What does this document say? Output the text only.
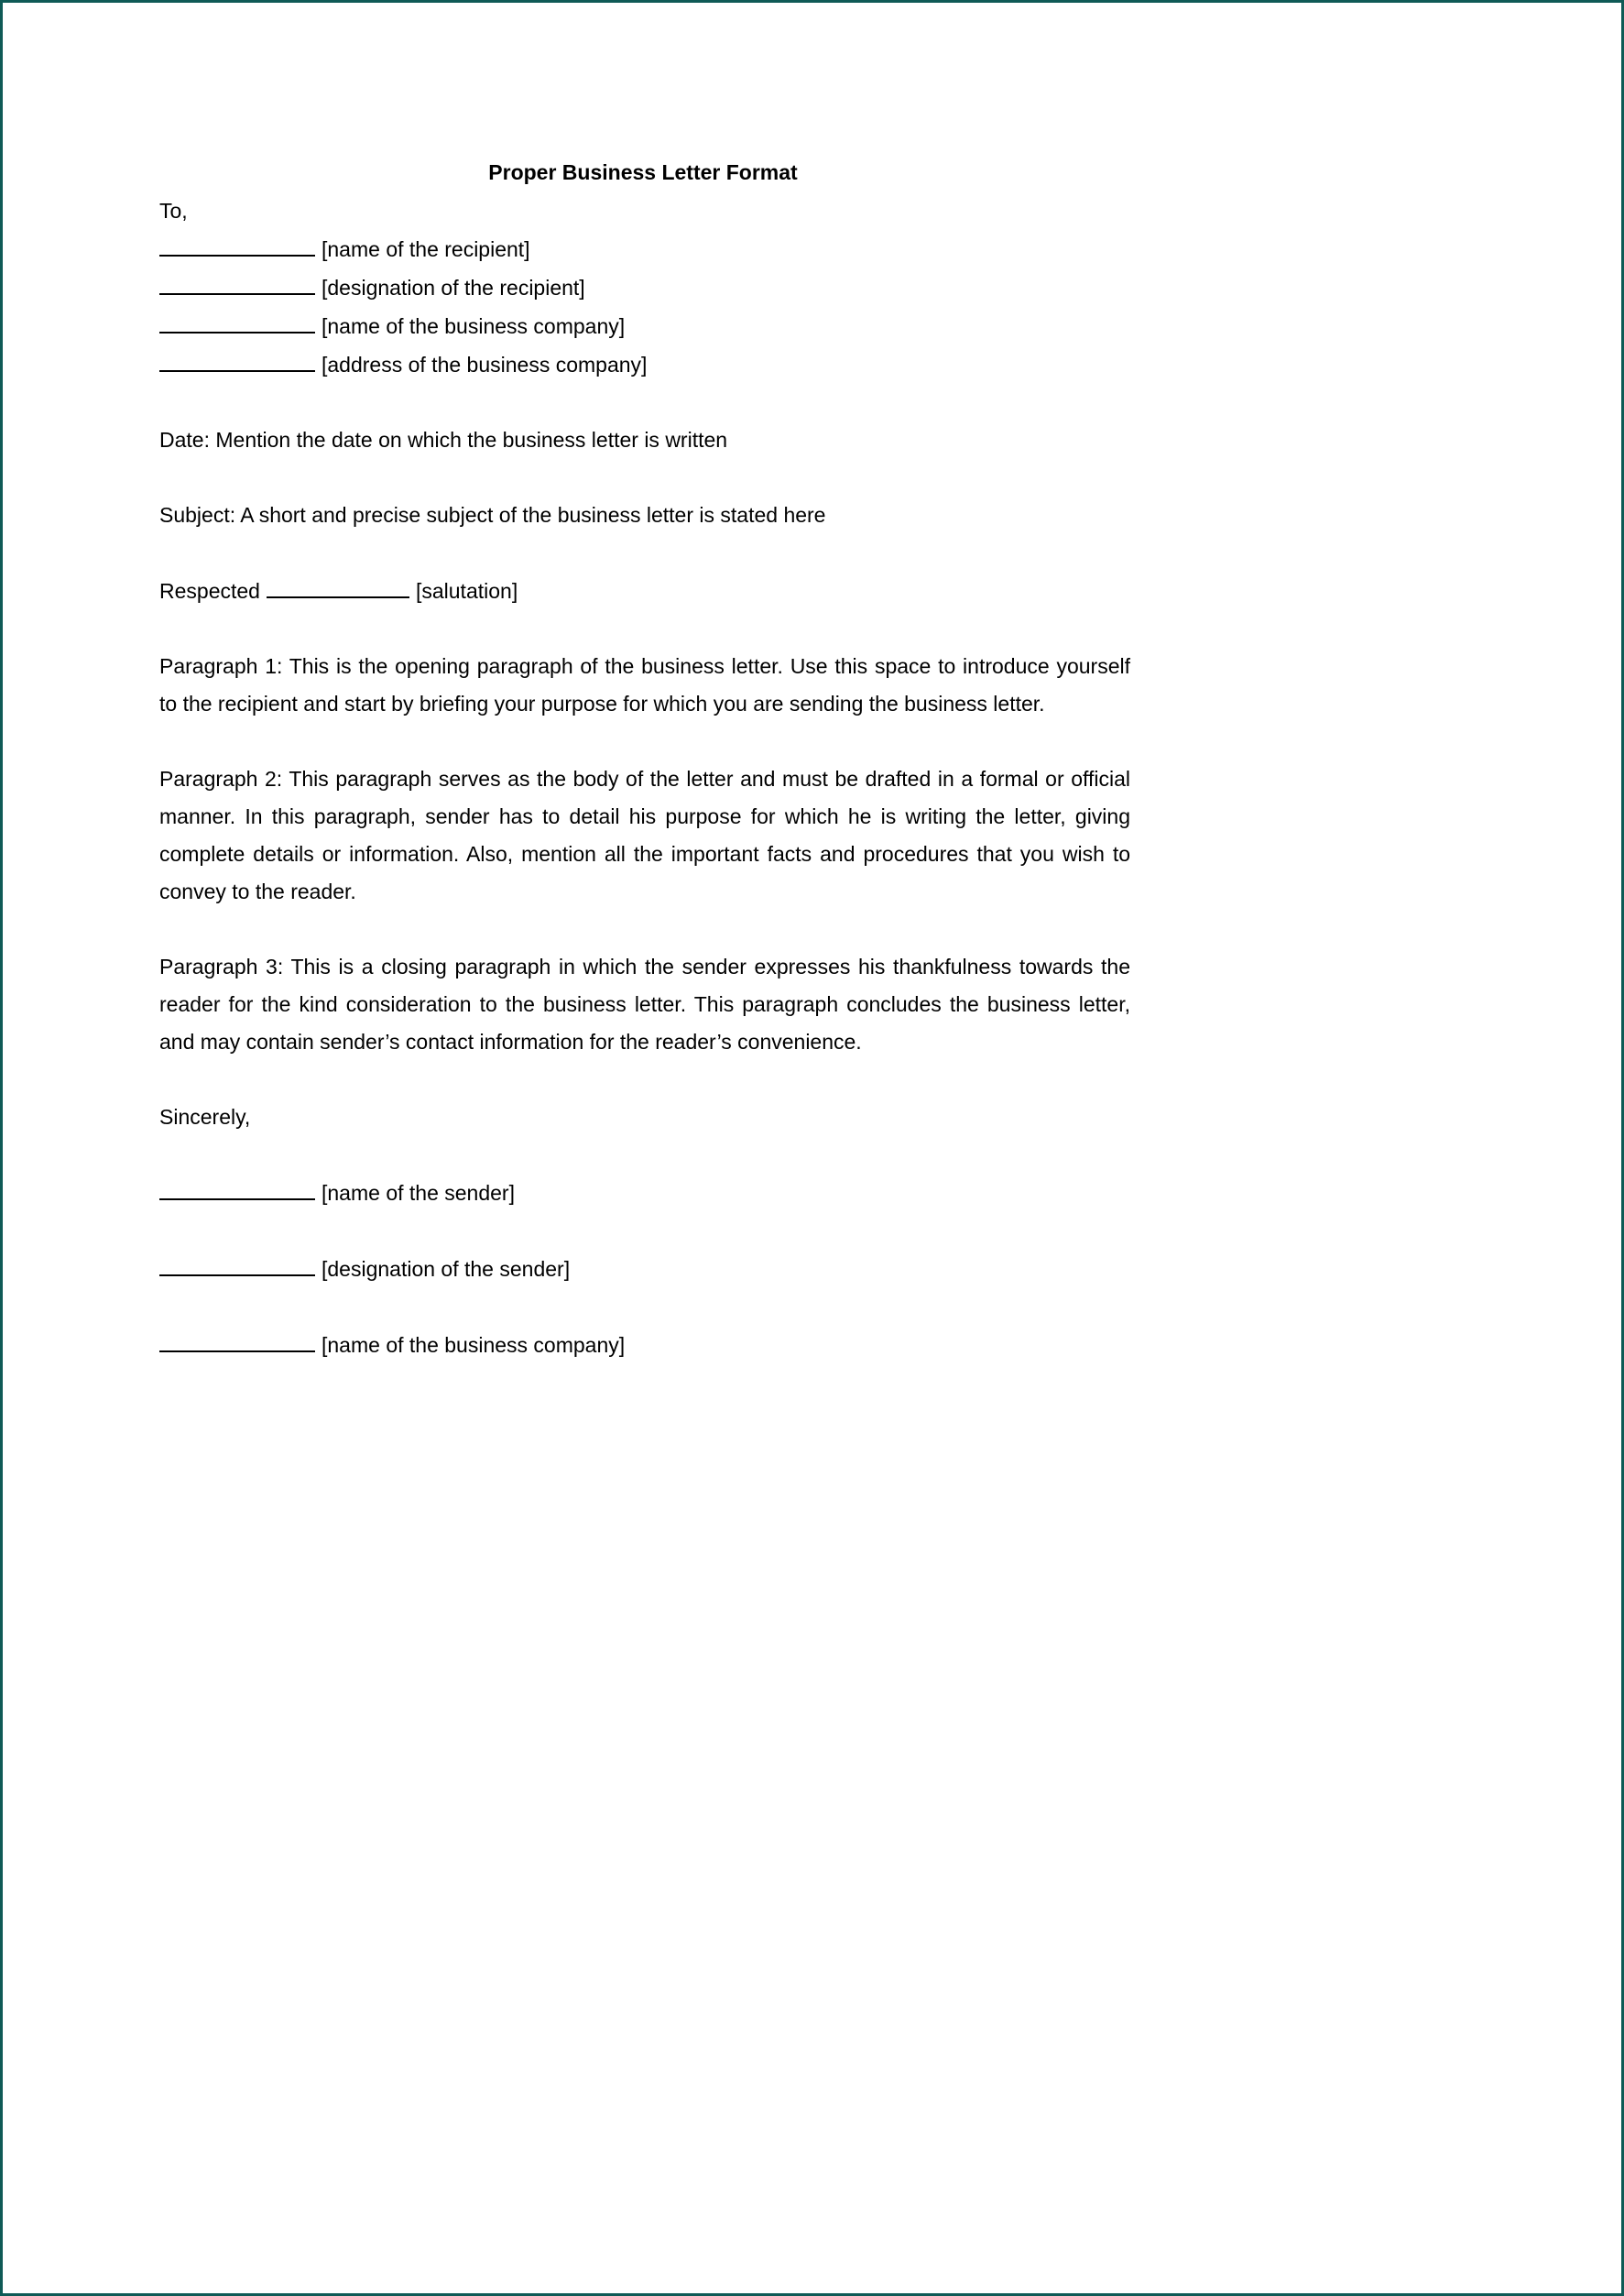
Proper Business Letter Format

To,

[name of the recipient]

[designation of the recipient]

[name of the business company]

[address of the business company]

Date: Mention the date on which the business letter is written

Subject: A short and precise subject of the business letter is stated here

Respected	[salutation]

Paragraph 1: This is the opening paragraph of the business letter. Use this space to introduce yourself to the recipient and start by briefing your purpose for which you are sending the business letter.

Paragraph 2: This paragraph serves as the body of the letter and must be drafted in a formal or official manner. In this paragraph, sender has to detail his purpose for which he is writing the letter, giving complete details or information. Also, mention all the important facts and procedures that you wish to convey to the reader.

Paragraph 3: This is a closing paragraph in which the sender expresses his thankfulness towards the reader for the kind consideration to the business letter. This paragraph concludes the business letter, and may contain sender’s contact information for the reader’s convenience.

Sincerely,

[name of the sender]

[designation of the sender]

[name of the business company]
